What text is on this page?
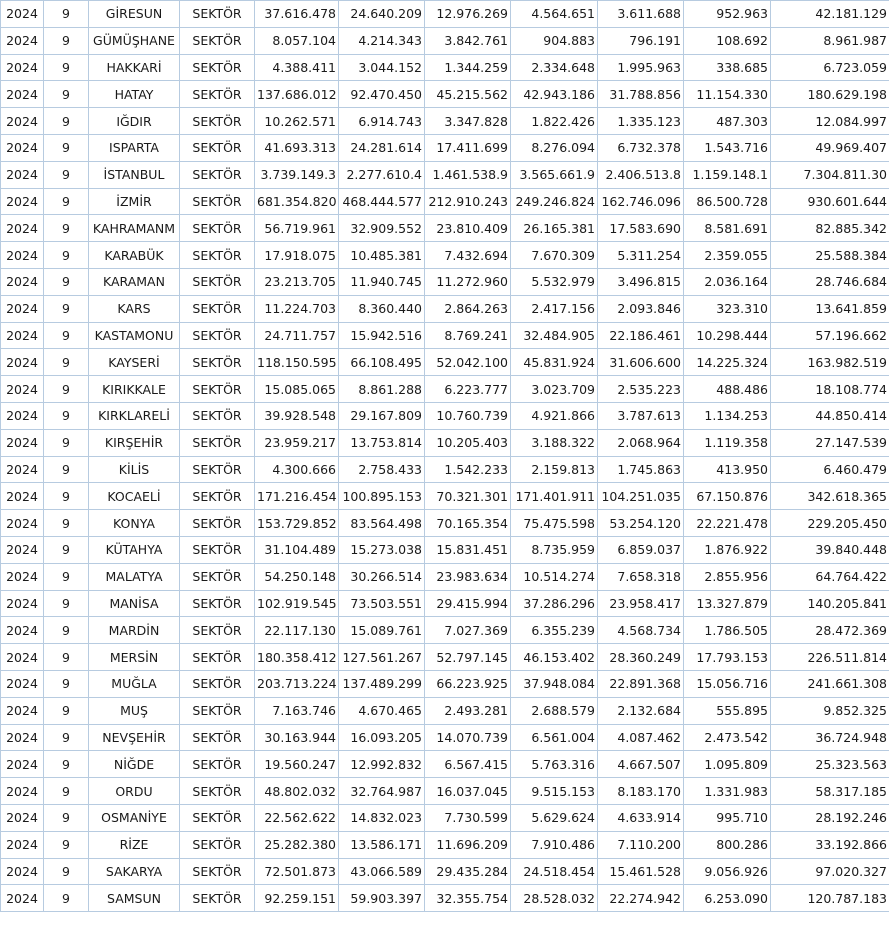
2024	9	GİRESUN	SEKTÖR	37.616.478	24.640.209	12.976.269	4.564.651	3.611.688	952.963	42.181.129
2024	9	GÜMÜŞHANE	SEKTÖR	8.057.104	4.214.343	3.842.761	904.883	796.191	108.692	8.961.987
2024	9	HAKKARİ	SEKTÖR	4.388.411	3.044.152	1.344.259	2.334.648	1.995.963	338.685	6.723.059
2024	9	HATAY	SEKTÖR	137.686.012	92.470.450	45.215.562	42.943.186	31.788.856	11.154.330	180.629.198
2024	9	IĞDIR	SEKTÖR	10.262.571	6.914.743	3.347.828	1.822.426	1.335.123	487.303	12.084.997
2024	9	ISPARTA	SEKTÖR	41.693.313	24.281.614	17.411.699	8.276.094	6.732.378	1.543.716	49.969.407
2024	9	İSTANBUL	SEKTÖR	3.739.149.3	2.277.610.4	1.461.538.9	3.565.661.9	2.406.513.8	1.159.148.1	7.304.811.30
2024	9	İZMİR	SEKTÖR	681.354.820	468.444.577	212.910.243	249.246.824	162.746.096	86.500.728	930.601.644
2024	9	KAHRAMANM	SEKTÖR	56.719.961	32.909.552	23.810.409	26.165.381	17.583.690	8.581.691	82.885.342
2024	9	KARABÜK	SEKTÖR	17.918.075	10.485.381	7.432.694	7.670.309	5.311.254	2.359.055	25.588.384
2024	9	KARAMAN	SEKTÖR	23.213.705	11.940.745	11.272.960	5.532.979	3.496.815	2.036.164	28.746.684
2024	9	KARS	SEKTÖR	11.224.703	8.360.440	2.864.263	2.417.156	2.093.846	323.310	13.641.859
2024	9	KASTAMONU	SEKTÖR	24.711.757	15.942.516	8.769.241	32.484.905	22.186.461	10.298.444	57.196.662
2024	9	KAYSERİ	SEKTÖR	118.150.595	66.108.495	52.042.100	45.831.924	31.606.600	14.225.324	163.982.519
2024	9	KIRIKKALE	SEKTÖR	15.085.065	8.861.288	6.223.777	3.023.709	2.535.223	488.486	18.108.774
2024	9	KIRKLARELİ	SEKTÖR	39.928.548	29.167.809	10.760.739	4.921.866	3.787.613	1.134.253	44.850.414
2024	9	KIRŞEHİR	SEKTÖR	23.959.217	13.753.814	10.205.403	3.188.322	2.068.964	1.119.358	27.147.539
2024	9	KİLİS	SEKTÖR	4.300.666	2.758.433	1.542.233	2.159.813	1.745.863	413.950	6.460.479
2024	9	KOCAELİ	SEKTÖR	171.216.454	100.895.153	70.321.301	171.401.911	104.251.035	67.150.876	342.618.365
2024	9	KONYA	SEKTÖR	153.729.852	83.564.498	70.165.354	75.475.598	53.254.120	22.221.478	229.205.450
2024	9	KÜTAHYA	SEKTÖR	31.104.489	15.273.038	15.831.451	8.735.959	6.859.037	1.876.922	39.840.448
2024	9	MALATYA	SEKTÖR	54.250.148	30.266.514	23.983.634	10.514.274	7.658.318	2.855.956	64.764.422
2024	9	MANİSA	SEKTÖR	102.919.545	73.503.551	29.415.994	37.286.296	23.958.417	13.327.879	140.205.841
2024	9	MARDİN	SEKTÖR	22.117.130	15.089.761	7.027.369	6.355.239	4.568.734	1.786.505	28.472.369
2024	9	MERSİN	SEKTÖR	180.358.412	127.561.267	52.797.145	46.153.402	28.360.249	17.793.153	226.511.814
2024	9	MUĞLA	SEKTÖR	203.713.224	137.489.299	66.223.925	37.948.084	22.891.368	15.056.716	241.661.308
2024	9	MUŞ	SEKTÖR	7.163.746	4.670.465	2.493.281	2.688.579	2.132.684	555.895	9.852.325
2024	9	NEVŞEHİR	SEKTÖR	30.163.944	16.093.205	14.070.739	6.561.004	4.087.462	2.473.542	36.724.948
2024	9	NİĞDE	SEKTÖR	19.560.247	12.992.832	6.567.415	5.763.316	4.667.507	1.095.809	25.323.563
2024	9	ORDU	SEKTÖR	48.802.032	32.764.987	16.037.045	9.515.153	8.183.170	1.331.983	58.317.185
2024	9	OSMANİYE	SEKTÖR	22.562.622	14.832.023	7.730.599	5.629.624	4.633.914	995.710	28.192.246
2024	9	RİZE	SEKTÖR	25.282.380	13.586.171	11.696.209	7.910.486	7.110.200	800.286	33.192.866
2024	9	SAKARYA	SEKTÖR	72.501.873	43.066.589	29.435.284	24.518.454	15.461.528	9.056.926	97.020.327
2024	9	SAMSUN	SEKTÖR	92.259.151	59.903.397	32.355.754	28.528.032	22.274.942	6.253.090	120.787.183
